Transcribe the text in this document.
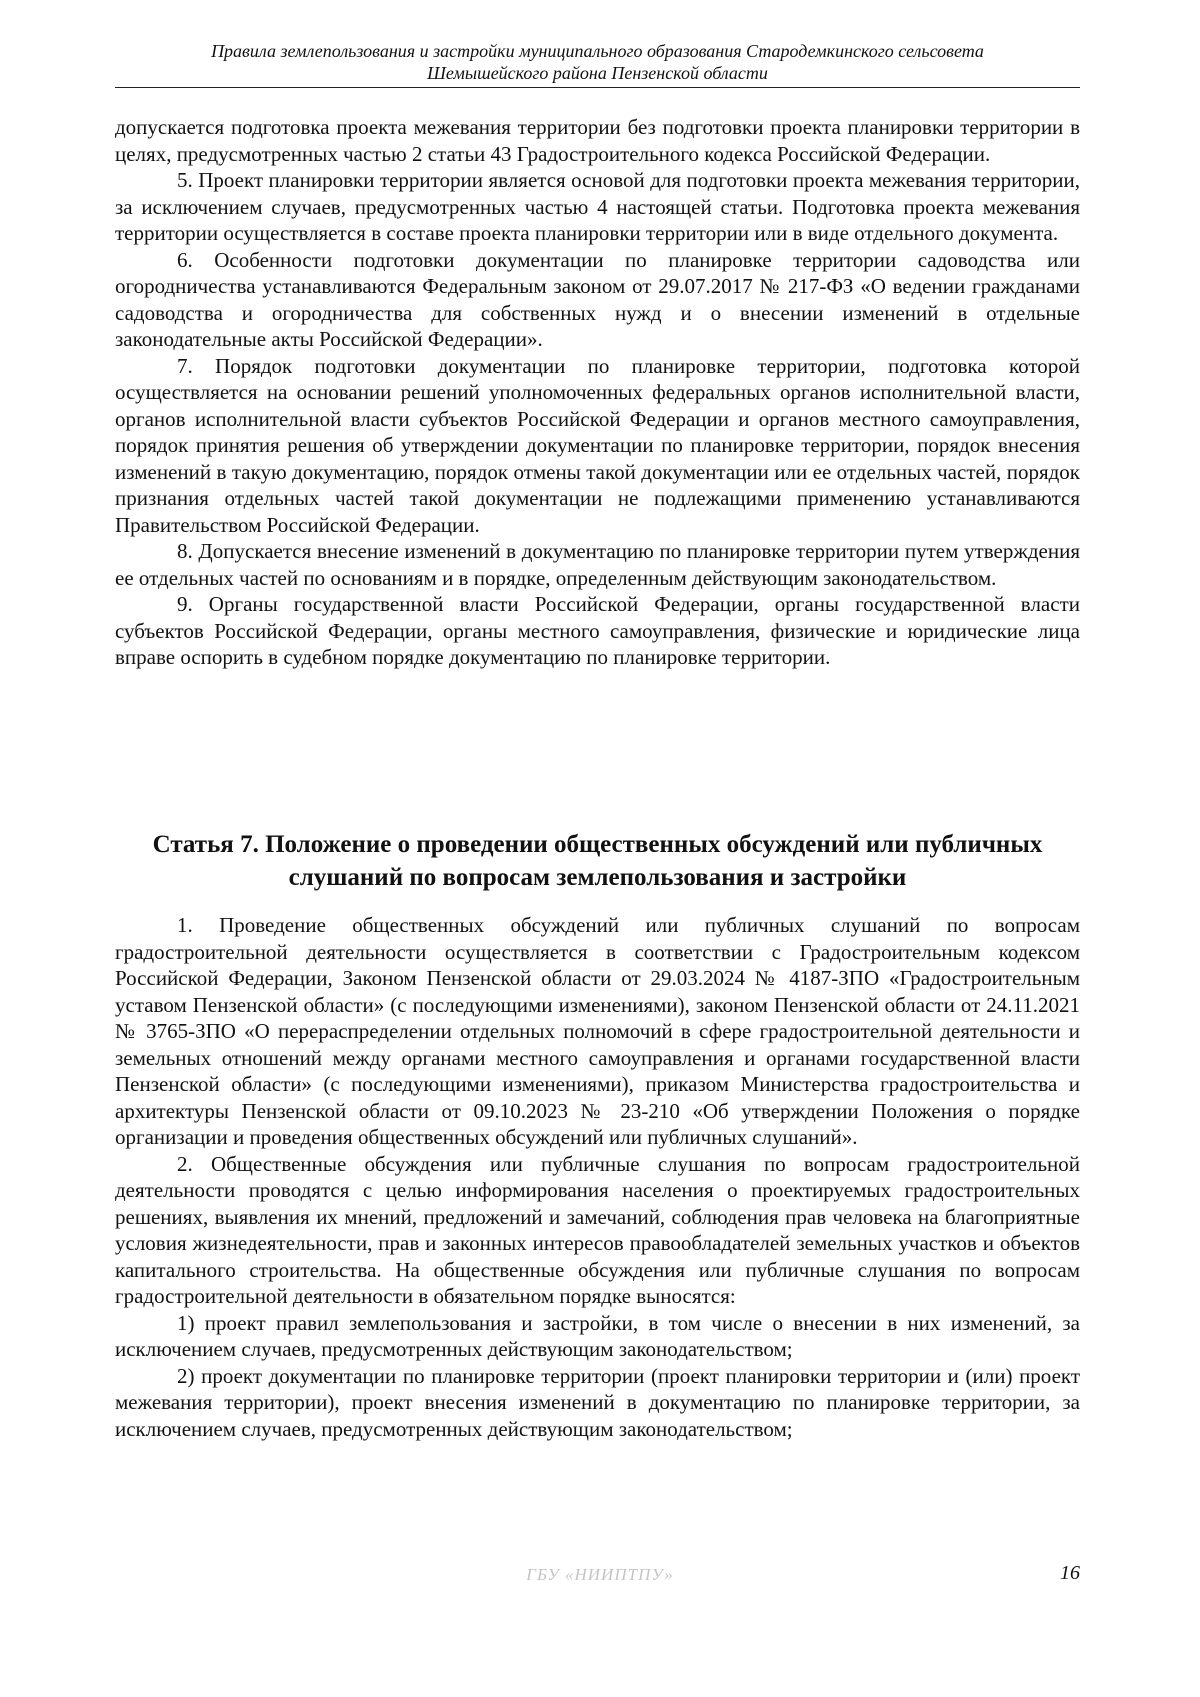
Правила землепользования и застройки муниципального образования Стародемкинского сельсовета
Шемышейского района Пензенской области

допускается подготовка проекта межевания территории без подготовки проекта планировки территории в целях, предусмотренных частью 2 статьи 43 Градостроительного кодекса Российской Федерации.

5. Проект планировки территории является основой для подготовки проекта межевания территории, за исключением случаев, предусмотренных частью 4 настоящей статьи. Подготовка проекта межевания территории осуществляется в составе проекта планировки территории или в виде отдельного документа.

6. Особенности подготовки документации по планировке территории садоводства или огородничества устанавливаются Федеральным законом от 29.07.2017 № 217-ФЗ «О ведении гражданами садоводства и огородничества для собственных нужд и о внесении изменений в отдельные законодательные акты Российской Федерации».

7. Порядок подготовки документации по планировке территории, подготовка которой осуществляется на основании решений уполномоченных федеральных органов исполнительной власти, органов исполнительной власти субъектов Российской Федерации и органов местного самоуправления, порядок принятия решения об утверждении документации по планировке территории, порядок внесения изменений в такую документацию, порядок отмены такой документации или ее отдельных частей, порядок признания отдельных частей такой документации не подлежащими применению устанавливаются Правительством Российской Федерации.

8. Допускается внесение изменений в документацию по планировке территории путем утверждения ее отдельных частей по основаниям и в порядке, определенным действующим законодательством.

9. Органы государственной власти Российской Федерации, органы государственной власти субъектов Российской Федерации, органы местного самоуправления, физические и юридические лица вправе оспорить в судебном порядке документацию по планировке территории.

Статья 7. Положение о проведении общественных обсуждений или публичных
слушаний по вопросам землепользования и застройки

1. Проведение общественных обсуждений или публичных слушаний по вопросам градостроительной деятельности осуществляется в соответствии с Градостроительным кодексом Российской Федерации, Законом Пензенской области от 29.03.2024 № 4187-ЗПО «Градостроительным уставом Пензенской области» (с последующими изменениями), законом Пензенской области от 24.11.2021 № 3765-ЗПО «О перераспределении отдельных полномочий в сфере градостроительной деятельности и земельных отношений между органами местного самоуправления и органами государственной власти Пензенской области» (с последующими изменениями), приказом Министерства градостроительства и архитектуры Пензенской области от 09.10.2023 № 23-210 «Об утверждении Положения о порядке организации и проведения общественных обсуждений или публичных слушаний».

2. Общественные обсуждения или публичные слушания по вопросам градостроительной деятельности проводятся с целью информирования населения о проектируемых градостроительных решениях, выявления их мнений, предложений и замечаний, соблюдения прав человека на благоприятные условия жизнедеятельности, прав и законных интересов правообладателей земельных участков и объектов капитального строительства. На общественные обсуждения или публичные слушания по вопросам градостроительной деятельности в обязательном порядке выносятся:

1) проект правил землепользования и застройки, в том числе о внесении в них изменений, за исключением случаев, предусмотренных действующим законодательством;

2) проект документации по планировке территории (проект планировки территории и (или) проект межевания территории), проект внесения изменений в документацию по планировке территории, за исключением случаев, предусмотренных действующим законодательством;

ГБУ «НИИПТПУ»	16
